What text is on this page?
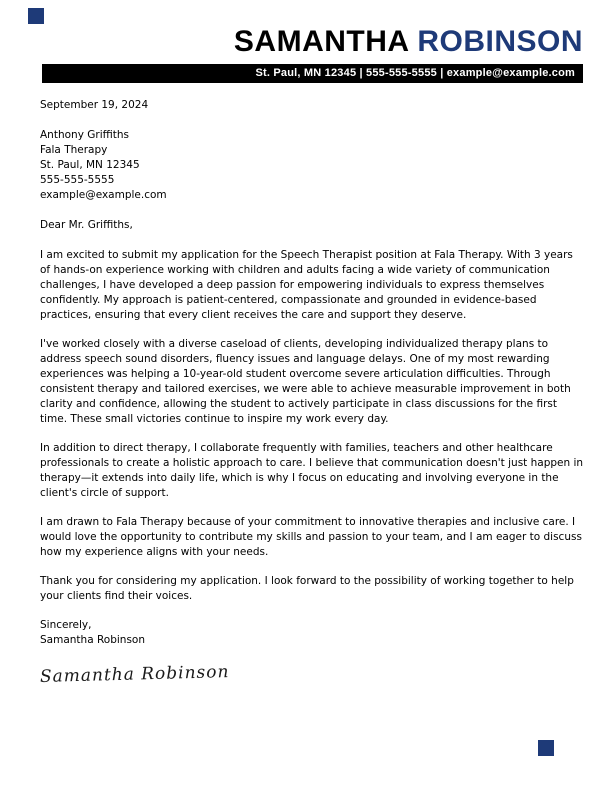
SAMANTHA ROBINSON
St. Paul, MN 12345 | 555-555-5555 | example@example.com
September 19, 2024
Anthony Griffiths
Fala Therapy
St. Paul, MN 12345
555-555-5555
example@example.com
Dear Mr. Griffiths,

I am excited to submit my application for the Speech Therapist position at Fala Therapy. With 3 years of hands-on experience working with children and adults facing a wide variety of communication challenges, I have developed a deep passion for empowering individuals to express themselves confidently. My approach is patient-centered, compassionate and grounded in evidence-based practices, ensuring that every client receives the care and support they deserve.

I've worked closely with a diverse caseload of clients, developing individualized therapy plans to address speech sound disorders, fluency issues and language delays. One of my most rewarding experiences was helping a 10-year-old student overcome severe articulation difficulties. Through consistent therapy and tailored exercises, we were able to achieve measurable improvement in both clarity and confidence, allowing the student to actively participate in class discussions for the first time. These small victories continue to inspire my work every day.

In addition to direct therapy, I collaborate frequently with families, teachers and other healthcare professionals to create a holistic approach to care. I believe that communication doesn't just happen in therapy—it extends into daily life, which is why I focus on educating and involving everyone in the client's circle of support.

I am drawn to Fala Therapy because of your commitment to innovative therapies and inclusive care. I would love the opportunity to contribute my skills and passion to your team, and I am eager to discuss how my experience aligns with your needs.

Thank you for considering my application. I look forward to the possibility of working together to help your clients find their voices.

Sincerely,
Samantha Robinson
Samantha Robinson
